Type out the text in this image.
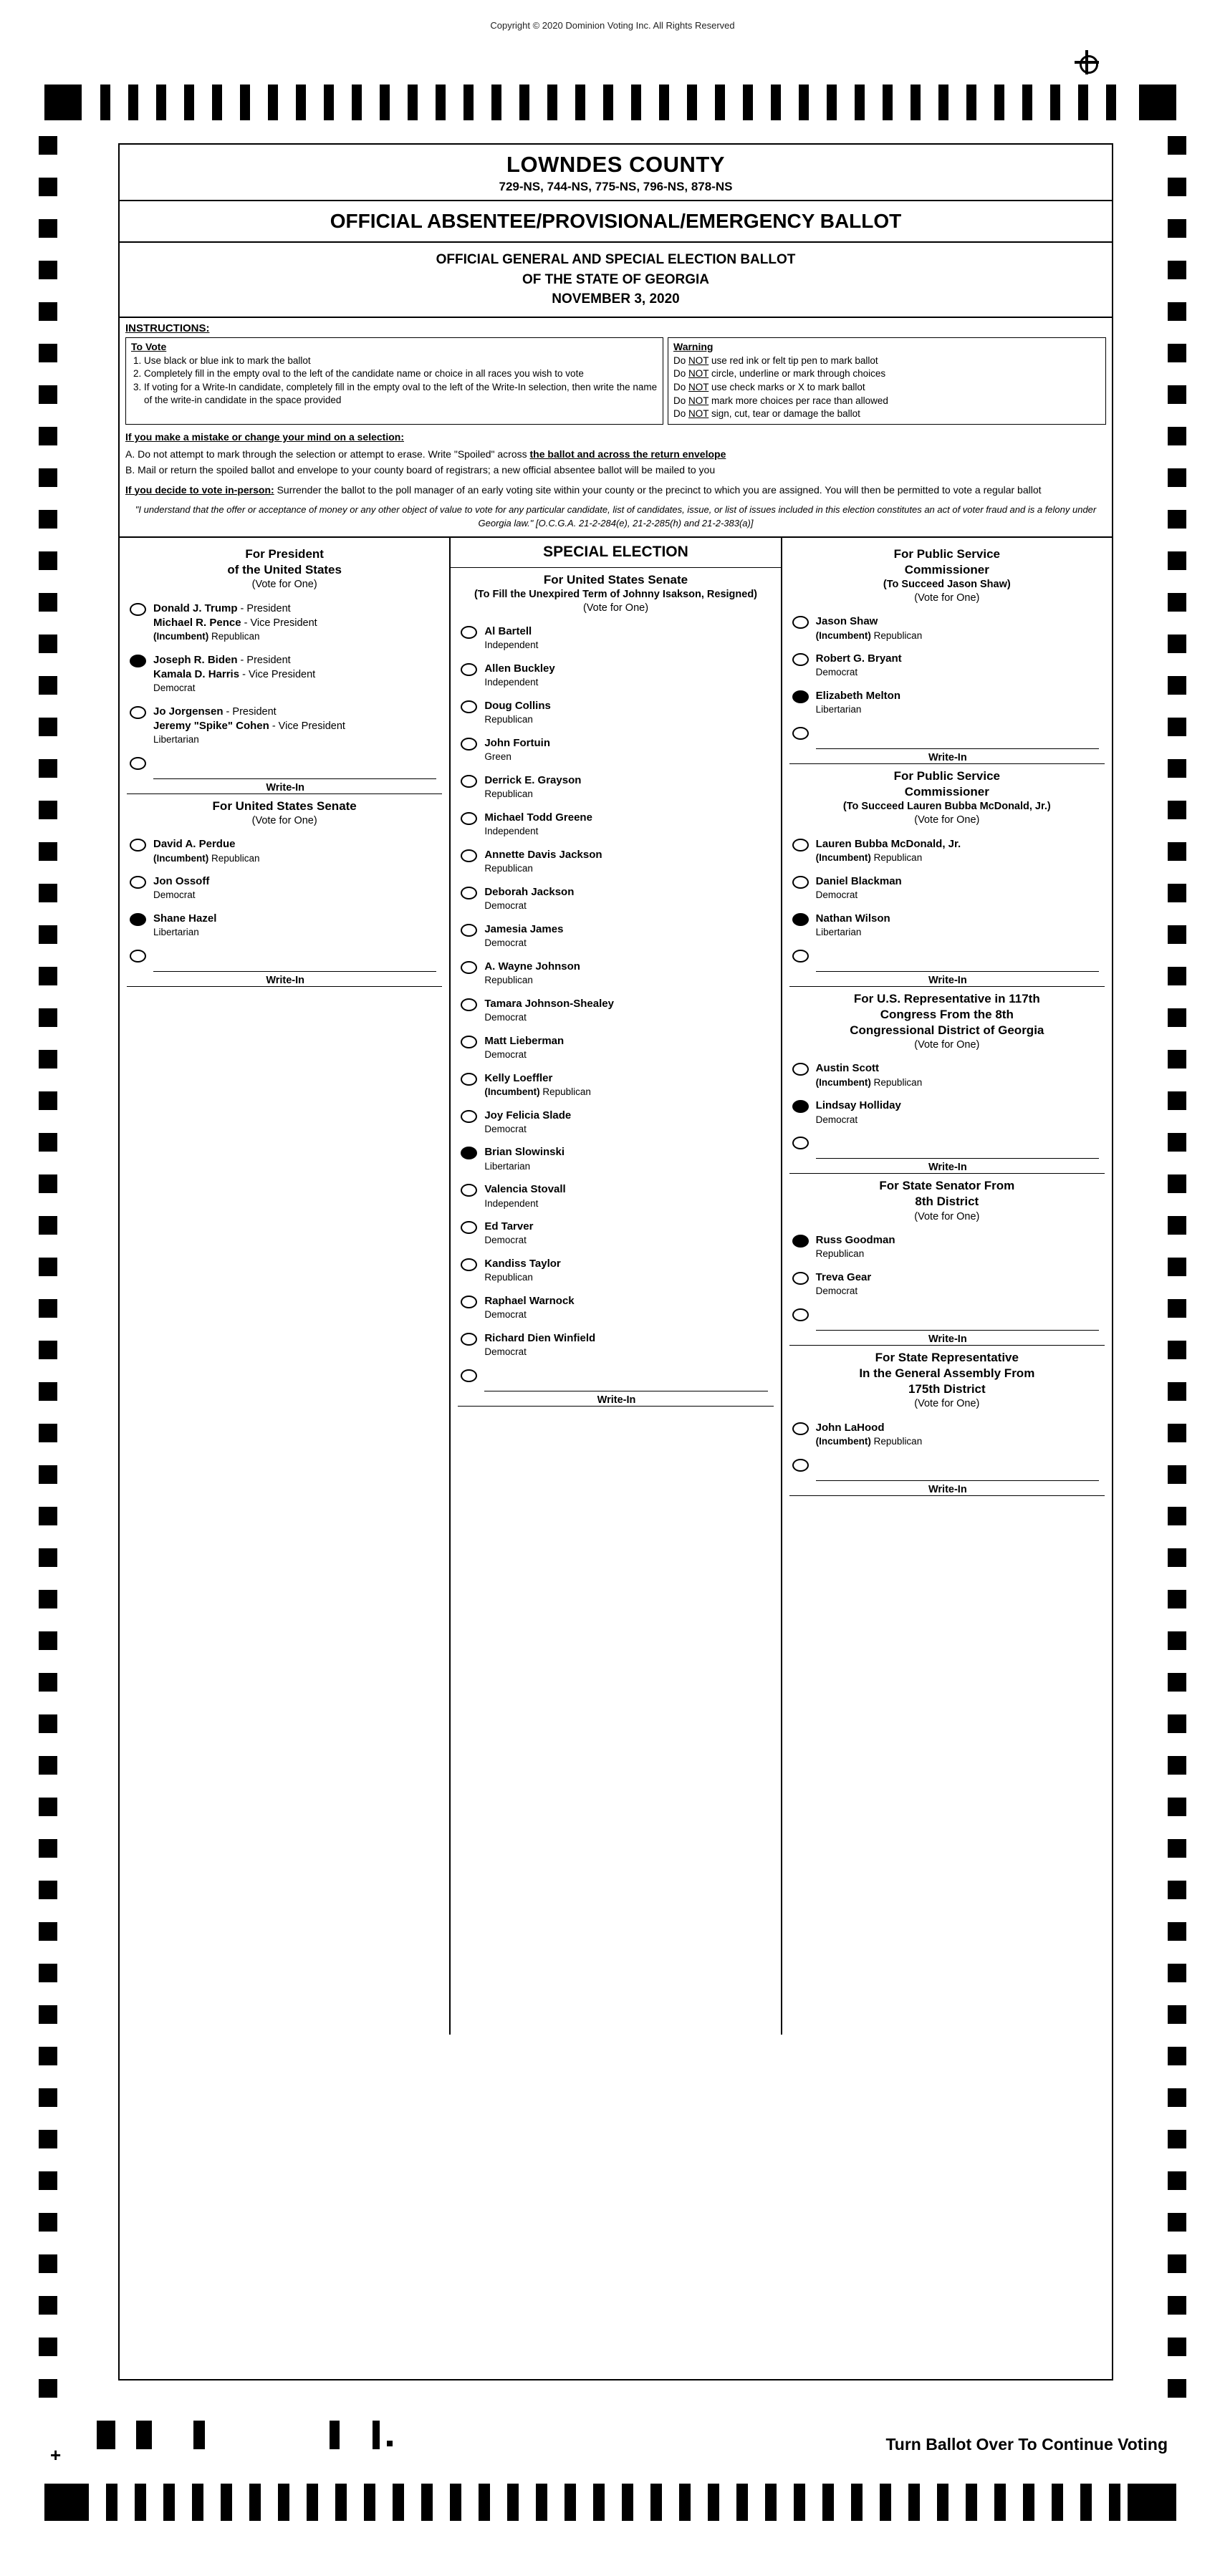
Copyright © 2020 Dominion Voting Inc. All Rights Reserved
+	Turn Ballot Over To Continue Voting
LOWNDES COUNTY
729-NS, 744-NS, 775-NS, 796-NS, 878-NS
OFFICIAL ABSENTEE/PROVISIONAL/EMERGENCY BALLOT
OFFICIAL GENERAL AND SPECIAL ELECTION BALLOT
OF THE STATE OF GEORGIA
NOVEMBER 3, 2020
INSTRUCTIONS:
To Vote
1. Use black or blue ink to mark the ballot
2. Completely fill in the empty oval to the left of the candidate name or choice in all races you wish to vote
3. If voting for a Write-In candidate, completely fill in the empty oval to the left of the Write-In selection, then write the name of the write-in candidate in the space provided
Warning
Do NOT use red ink or felt tip pen to mark ballot
Do NOT circle, underline or mark through choices
Do NOT use check marks or X to mark ballot
Do NOT mark more choices per race than allowed
Do NOT sign, cut, tear or damage the ballot
If you make a mistake or change your mind on a selection:
A. Do not attempt to mark through the selection or attempt to erase. Write "Spoiled" across the ballot and across the return envelope
B. Mail or return the spoiled ballot and envelope to your county board of registrars; a new official absentee ballot will be mailed to you
If you decide to vote in-person: Surrender the ballot to the poll manager of an early voting site within your county or the precinct to which you are assigned. You will then be permitted to vote a regular ballot
"I understand that the offer or acceptance of money or any other object of value to vote for any particular candidate, list of candidates, issue, or list of issues included in this election constitutes an act of voter fraud and is a felony under Georgia law." [O.C.G.A. 21-2-284(e), 21-2-285(h) and 21-2-383(a)]
For President
of the United States
(Vote for One)
Donald J. Trump - President
Michael R. Pence - Vice President
(Incumbent) Republican
Joseph R. Biden - President
Kamala D. Harris - Vice President
Democrat
Jo Jorgensen - President
Jeremy "Spike" Cohen - Vice President
Libertarian
Write-In
For United States Senate
(Vote for One)
David A. Perdue
(Incumbent) Republican
Jon Ossoff
Democrat
Shane Hazel
Libertarian
Write-In
SPECIAL ELECTION
For United States Senate
(To Fill the Unexpired Term of Johnny Isakson, Resigned)
(Vote for One)
Al Bartell
Independent
Allen Buckley
Independent
Doug Collins
Republican
John Fortuin
Green
Derrick E. Grayson
Republican
Michael Todd Greene
Independent
Annette Davis Jackson
Republican
Deborah Jackson
Democrat
Jamesia James
Democrat
A. Wayne Johnson
Republican
Tamara Johnson-Shealey
Democrat
Matt Lieberman
Democrat
Kelly Loeffler
(Incumbent) Republican
Joy Felicia Slade
Democrat
Brian Slowinski
Libertarian
Valencia Stovall
Independent
Ed Tarver
Democrat
Kandiss Taylor
Republican
Raphael Warnock
Democrat
Richard Dien Winfield
Democrat
Write-In
For Public Service
Commissioner
(To Succeed Jason Shaw)
(Vote for One)
Jason Shaw
(Incumbent) Republican
Robert G. Bryant
Democrat
Elizabeth Melton
Libertarian
Write-In
For Public Service
Commissioner
(To Succeed Lauren Bubba McDonald, Jr.)
(Vote for One)
Lauren Bubba McDonald, Jr.
(Incumbent) Republican
Daniel Blackman
Democrat
Nathan Wilson
Libertarian
Write-In
For U.S. Representative in 117th
Congress From the 8th
Congressional District of Georgia
(Vote for One)
Austin Scott
(Incumbent) Republican
Lindsay Holliday
Democrat
Write-In
For State Senator From
8th District
(Vote for One)
Russ Goodman
Republican
Treva Gear
Democrat
Write-In
For State Representative
In the General Assembly From
175th District
(Vote for One)
John LaHood
(Incumbent) Republican
Write-In
